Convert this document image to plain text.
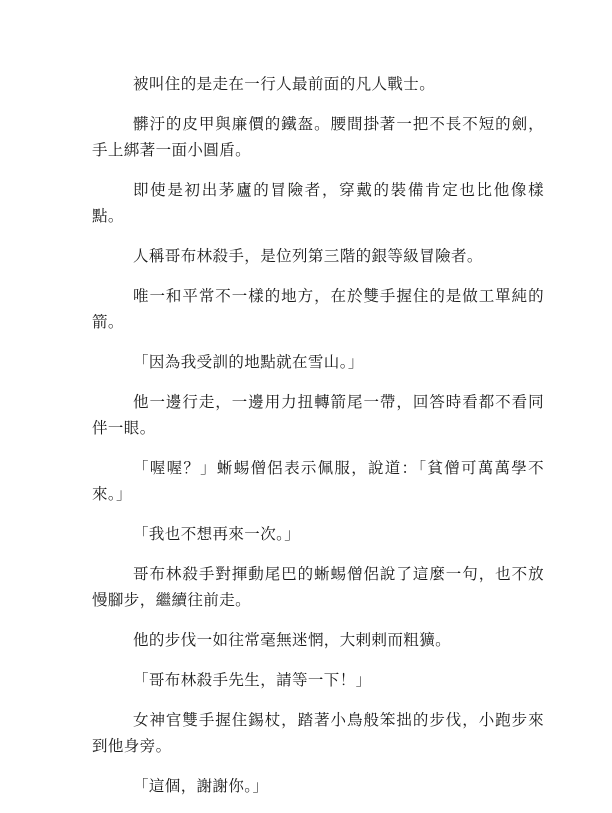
被叫住的是走在一行人最前面的凡人戰士。

髒汙的皮甲與廉價的鐵盔。腰間掛著一把不長不短的劍，手上綁著一面小圓盾。

即使是初出茅廬的冒險者，穿戴的裝備肯定也比他像樣點。

人稱哥布林殺手，是位列第三階的銀等級冒險者。

唯一和平常不一樣的地方，在於雙手握住的是做工單純的箭。

「因為我受訓的地點就在雪山。」

他一邊行走，一邊用力扭轉箭尾一帶，回答時看都不看同伴一眼。

「喔喔？」蜥蜴僧侶表示佩服，說道：「貧僧可萬萬學不來。」

「我也不想再來一次。」

哥布林殺手對揮動尾巴的蜥蜴僧侶說了這麼一句，也不放慢腳步，繼續往前走。

他的步伐一如往常毫無迷惘，大剌剌而粗獷。

「哥布林殺手先生，請等一下！」

女神官雙手握住錫杖，踏著小鳥般笨拙的步伐，小跑步來到他身旁。

「這個，謝謝你。」
